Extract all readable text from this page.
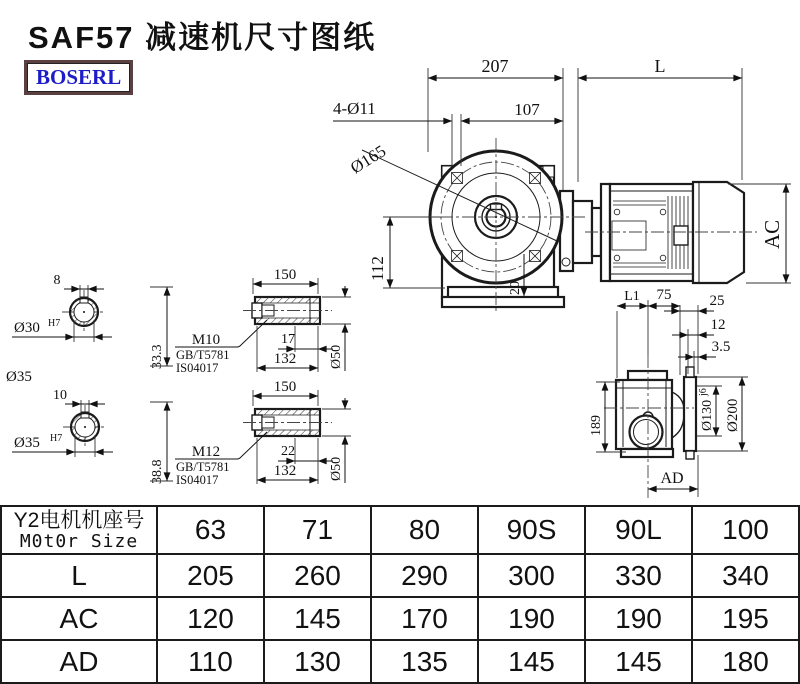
SAF57 减速机尺寸图纸
BOSERL	207	L
4-Ø11	107
Ø165
112
20
AC
L1 75	25
12
3.5
Ø130
j6
Ø200
189
AD
M10
GB/T5781
IS04017
150
17
132 Ø50
M12
GB/T5781
IS04017
150
22
132 Ø50
8
Ø30 H7
33.3
Ø35
10
Ø35 H7
38.8
Y2电机机座号
M0t0r Size	63	71	80	90S	90L	100
L	205	260	290	300	330	340
AC	120	145	170	190	190	195
AD	110	130	135	145	145	180
